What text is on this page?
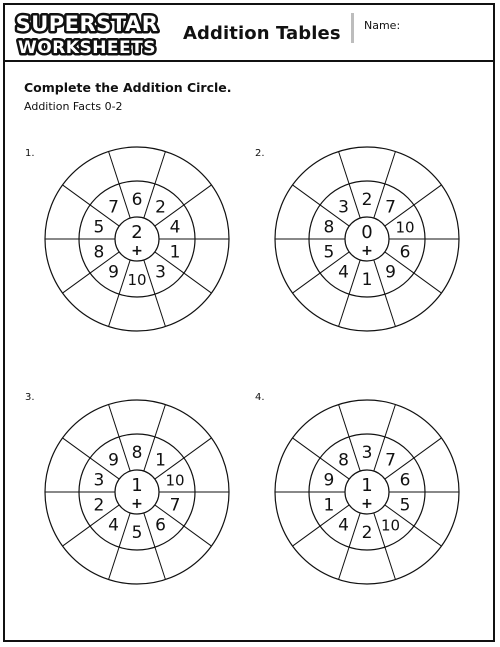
SUPERSTAR
WORKSHEETS
Addition Tables Name:
Complete the Addition Circle.
Addition Facts 0-2
1.
6 2
4
1
3
10
9
8
5
7
2
+
2.
2 7
10
6
9
1
4
5
8
3
0
+
3.
8 1
10
7
6
5
4
2
3
9
1
+
4.
3 7
6
5
10
2
4
1
9
8
1
+
